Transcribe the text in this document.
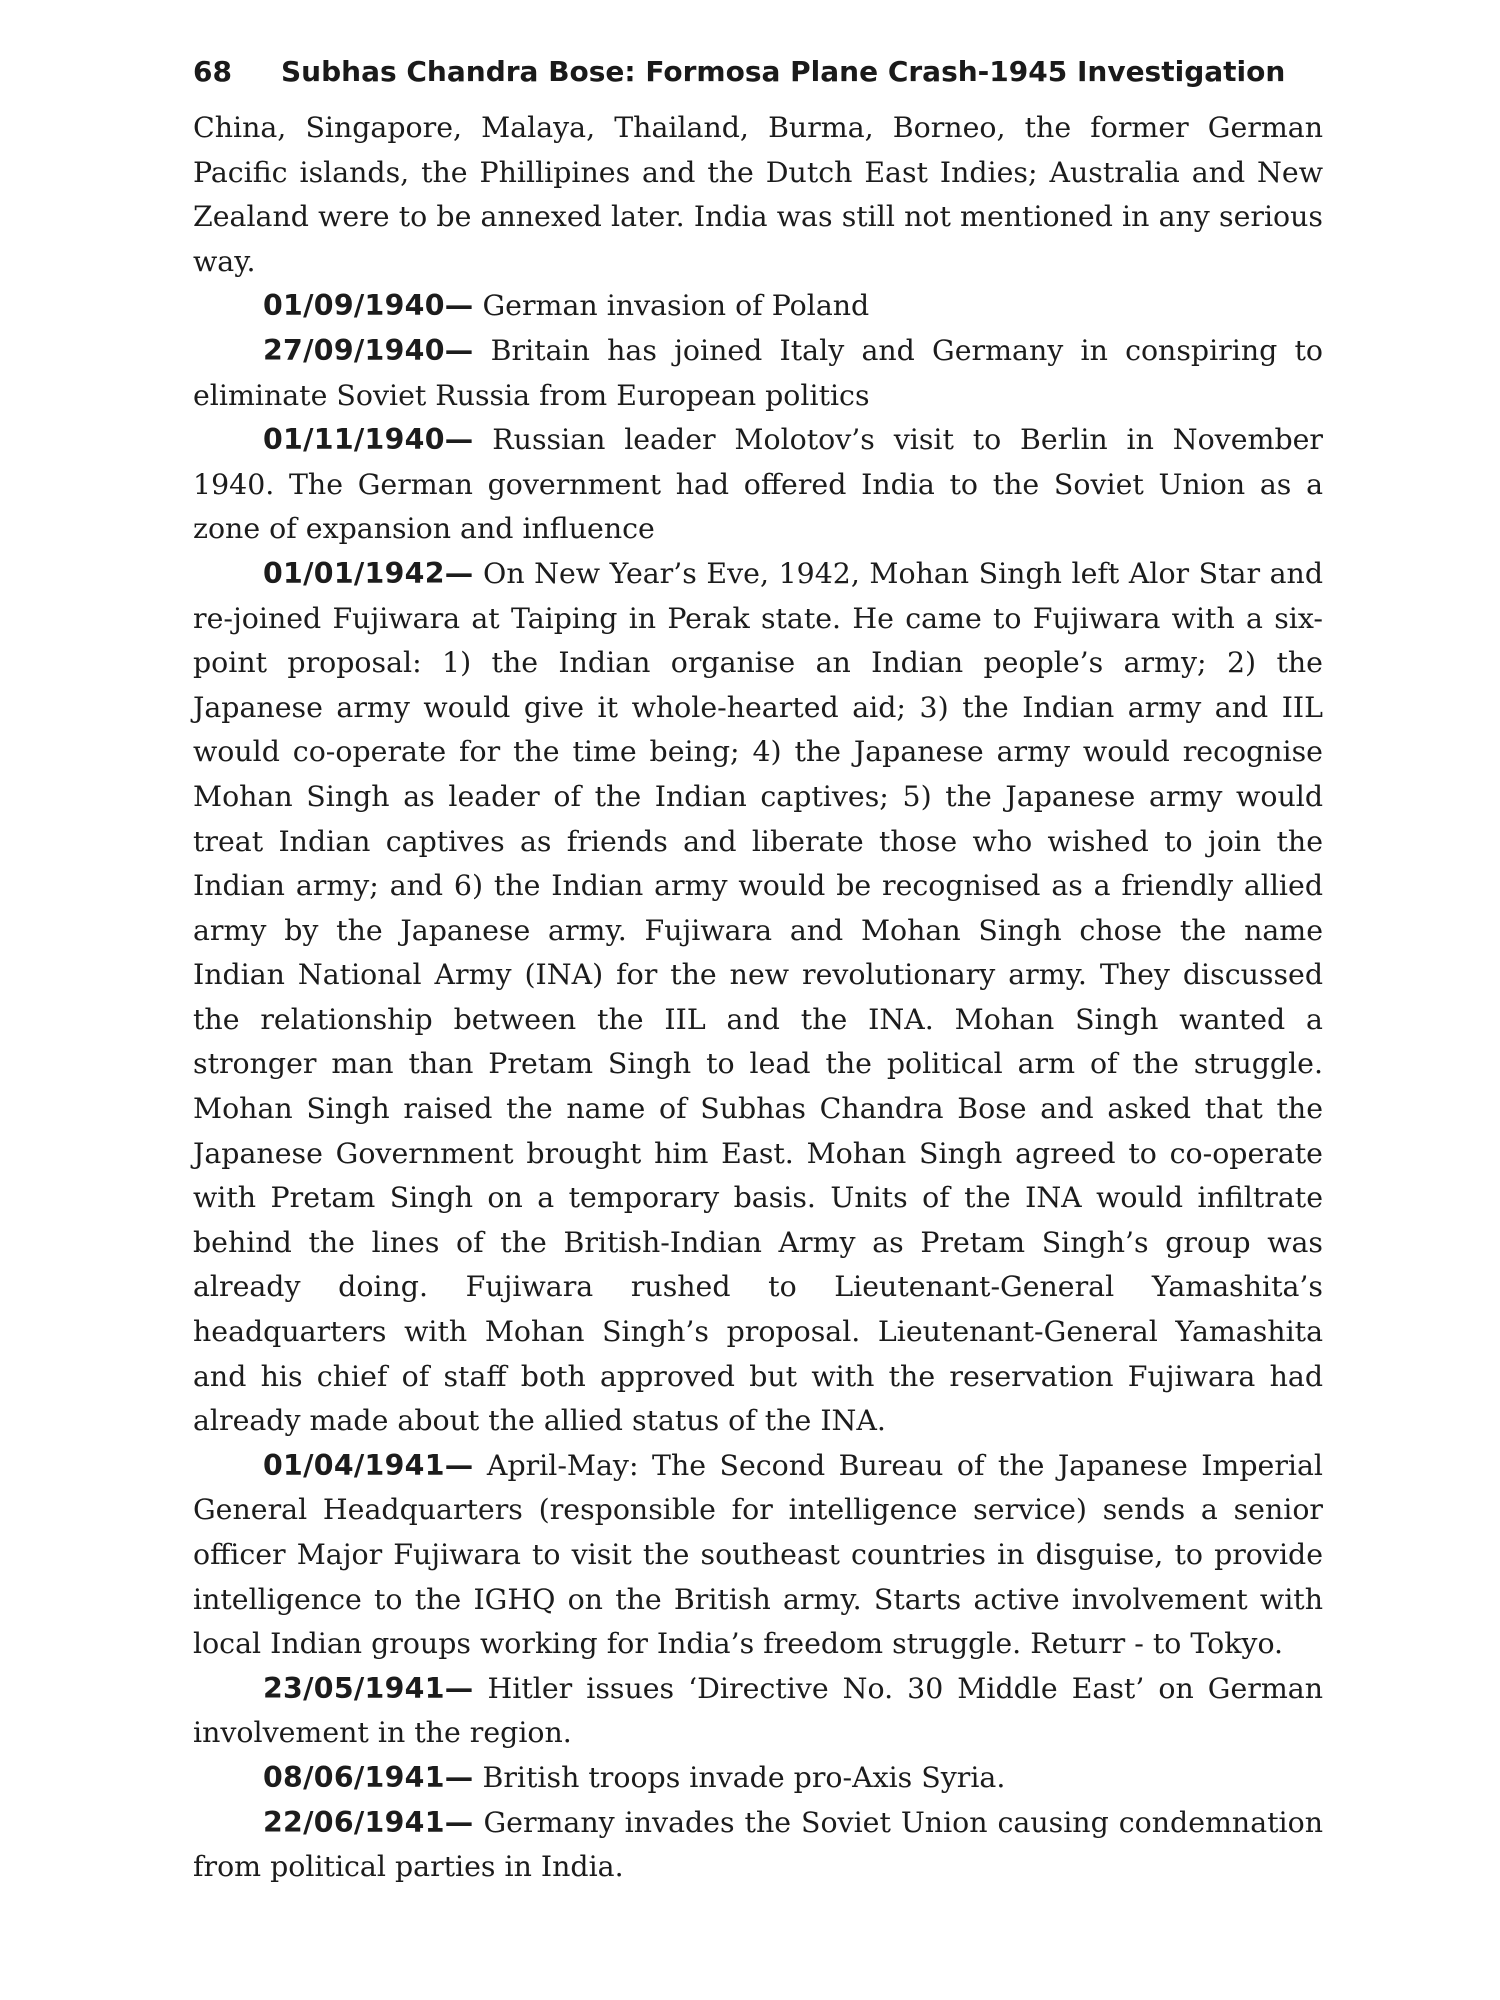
68 Subhas Chandra Bose: Formosa Plane Crash-1945 Investigation

China, Singapore, Malaya, Thailand, Burma, Borneo, the former German Pacific islands, the Phillipines and the Dutch East Indies; Australia and New Zealand were to be annexed later. India was still not mentioned in any serious way.

01/09/1940— German invasion of Poland

27/09/1940— Britain has joined Italy and Germany in conspiring to eliminate Soviet Russia from European politics

01/11/1940— Russian leader Molotov’s visit to Berlin in November 1940. The German government had offered India to the Soviet Union as a zone of expansion and influence

01/01/1942— On New Year’s Eve, 1942, Mohan Singh left Alor Star and re-joined Fujiwara at Taiping in Perak state. He came to Fujiwara with a six-point proposal: 1) the Indian organise an Indian people’s army; 2) the Japanese army would give it whole-hearted aid; 3) the Indian army and IIL would co-operate for the time being; 4) the Japanese army would recognise Mohan Singh as leader of the Indian captives; 5) the Japanese army would treat Indian captives as friends and liberate those who wished to join the Indian army; and 6) the Indian army would be recognised as a friendly allied army by the Japanese army. Fujiwara and Mohan Singh chose the name Indian National Army (INA) for the new revolutionary army. They discussed the relationship between the IIL and the INA. Mohan Singh wanted a stronger man than Pretam Singh to lead the political arm of the struggle. Mohan Singh raised the name of Subhas Chandra Bose and asked that the Japanese Government brought him East. Mohan Singh agreed to co-operate with Pretam Singh on a temporary basis. Units of the INA would infiltrate behind the lines of the British-Indian Army as Pretam Singh’s group was already doing. Fujiwara rushed to Lieutenant-General Yamashita’s headquarters with Mohan Singh’s proposal. Lieutenant-General Yamashita and his chief of staff both approved but with the reservation Fujiwara had already made about the allied status of the INA.

01/04/1941— April-May: The Second Bureau of the Japanese Imperial General Headquarters (responsible for intelligence service) sends a senior officer Major Fujiwara to visit the southeast countries in disguise, to provide intelligence to the IGHQ on the British army. Starts active involvement with local Indian groups working for India’s freedom struggle. Returr ‑ to Tokyo.

23/05/1941— Hitler issues ‘Directive No. 30 Middle East’ on German involvement in the region.

08/06/1941— British troops invade pro-Axis Syria.

22/06/1941— Germany invades the Soviet Union causing condemnation from political parties in India.
